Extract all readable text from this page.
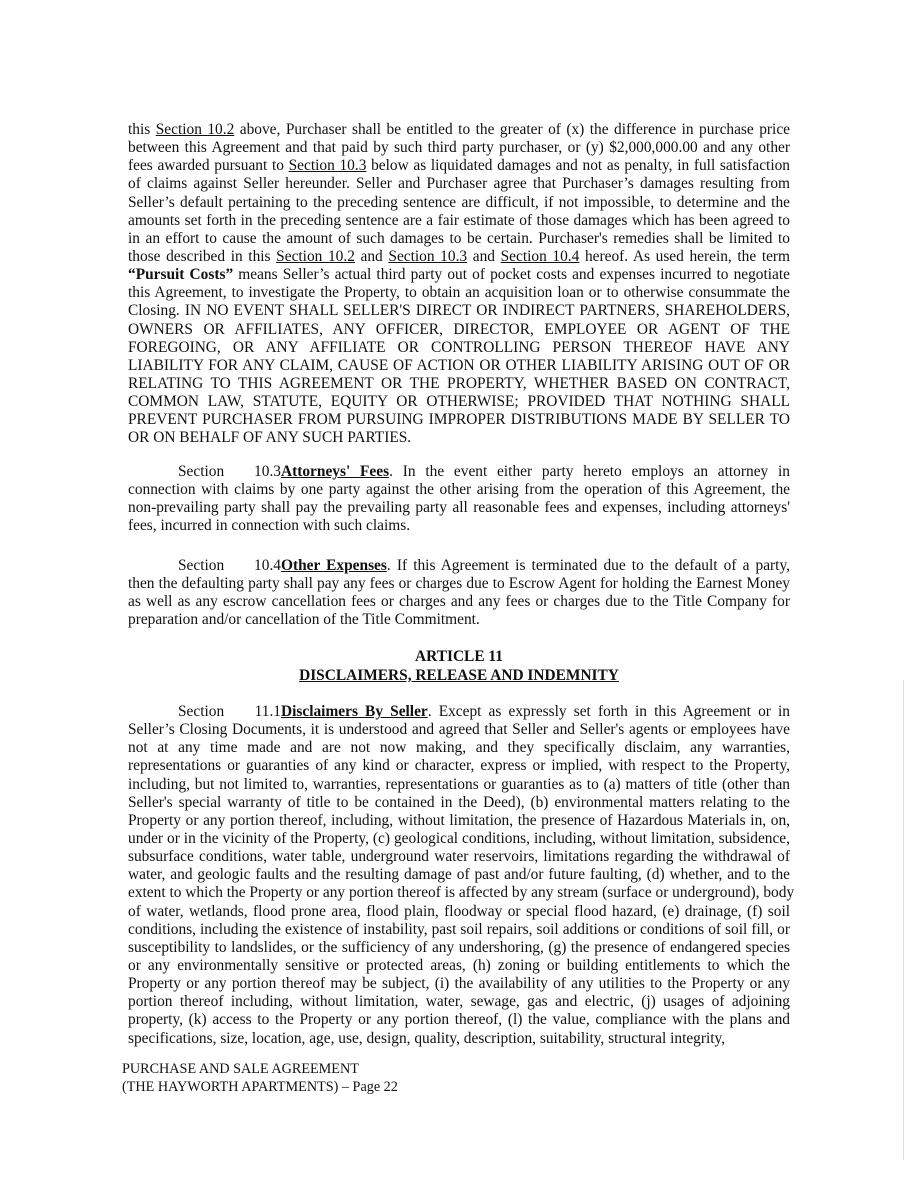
this Section 10.2 above, Purchaser shall be entitled to the greater of (x) the difference in purchase price
between this Agreement and that paid by such third party purchaser, or (y) $2,000,000.00 and any other
fees awarded pursuant to Section 10.3 below as liquidated damages and not as penalty, in full satisfaction
of claims against Seller hereunder. Seller and Purchaser agree that Purchaser’s damages resulting from
Seller’s default pertaining to the preceding sentence are difficult, if not impossible, to determine and the
amounts set forth in the preceding sentence are a fair estimate of those damages which has been agreed to
in an effort to cause the amount of such damages to be certain. Purchaser's remedies shall be limited to
those described in this Section 10.2 and Section 10.3 and Section 10.4 hereof. As used herein, the term
“Pursuit Costs” means Seller’s actual third party out of pocket costs and expenses incurred to negotiate
this Agreement, to investigate the Property, to obtain an acquisition loan or to otherwise consummate the
Closing. IN NO EVENT SHALL SELLER'S DIRECT OR INDIRECT PARTNERS, SHAREHOLDERS,
OWNERS OR AFFILIATES, ANY OFFICER, DIRECTOR, EMPLOYEE OR AGENT OF THE
FOREGOING, OR ANY AFFILIATE OR CONTROLLING PERSON THEREOF HAVE ANY
LIABILITY FOR ANY CLAIM, CAUSE OF ACTION OR OTHER LIABILITY ARISING OUT OF OR
RELATING TO THIS AGREEMENT OR THE PROPERTY, WHETHER BASED ON CONTRACT,
COMMON LAW, STATUTE, EQUITY OR OTHERWISE; PROVIDED THAT NOTHING SHALL
PREVENT PURCHASER FROM PURSUING IMPROPER DISTRIBUTIONS MADE BY SELLER TO
OR ON BEHALF OF ANY SUCH PARTIES.
Section 10.3Attorneys' Fees. In the event either party hereto employs an attorney in
connection with claims by one party against the other arising from the operation of this Agreement, the
non-prevailing party shall pay the prevailing party all reasonable fees and expenses, including attorneys'
fees, incurred in connection with such claims.
Section 10.4Other Expenses. If this Agreement is terminated due to the default of a party,
then the defaulting party shall pay any fees or charges due to Escrow Agent for holding the Earnest Money
as well as any escrow cancellation fees or charges and any fees or charges due to the Title Company for
preparation and/or cancellation of the Title Commitment.
ARTICLE 11
DISCLAIMERS, RELEASE AND INDEMNITY
Section 11.1Disclaimers By Seller. Except as expressly set forth in this Agreement or in
Seller’s Closing Documents, it is understood and agreed that Seller and Seller's agents or employees have
not at any time made and are not now making, and they specifically disclaim, any warranties,
representations or guaranties of any kind or character, express or implied, with respect to the Property,
including, but not limited to, warranties, representations or guaranties as to (a) matters of title (other than
Seller's special warranty of title to be contained in the Deed), (b) environmental matters relating to the
Property or any portion thereof, including, without limitation, the presence of Hazardous Materials in, on,
under or in the vicinity of the Property, (c) geological conditions, including, without limitation, subsidence,
subsurface conditions, water table, underground water reservoirs, limitations regarding the withdrawal of
water, and geologic faults and the resulting damage of past and/or future faulting, (d) whether, and to the
extent to which the Property or any portion thereof is affected by any stream (surface or underground), body
of water, wetlands, flood prone area, flood plain, floodway or special flood hazard, (e) drainage, (f) soil
conditions, including the existence of instability, past soil repairs, soil additions or conditions of soil fill, or
susceptibility to landslides, or the sufficiency of any undershoring, (g) the presence of endangered species
or any environmentally sensitive or protected areas, (h) zoning or building entitlements to which the
Property or any portion thereof may be subject, (i) the availability of any utilities to the Property or any
portion thereof including, without limitation, water, sewage, gas and electric, (j) usages of adjoining
property, (k) access to the Property or any portion thereof, (l) the value, compliance with the plans and
specifications, size, location, age, use, design, quality, description, suitability, structural integrity,
PURCHASE AND SALE AGREEMENT
(THE HAYWORTH APARTMENTS) – Page 22
